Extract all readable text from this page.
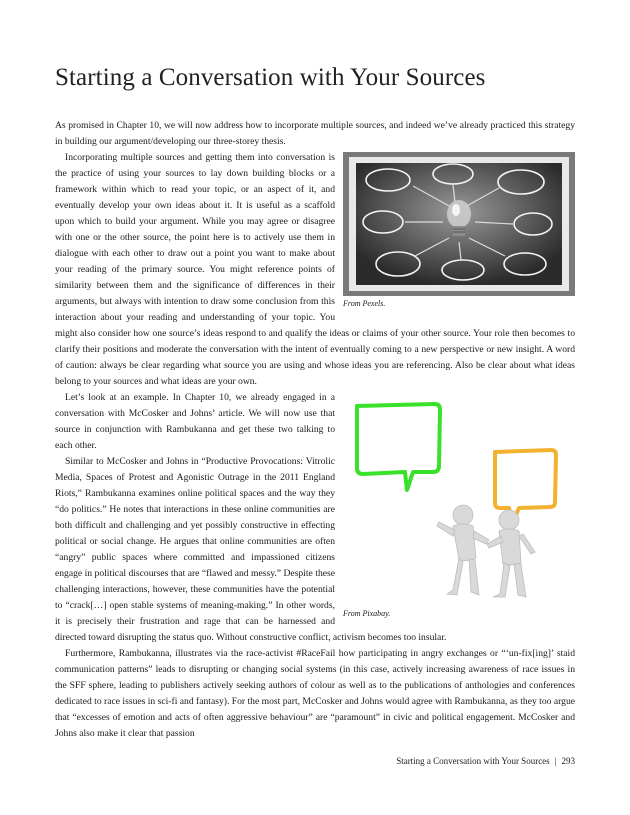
Starting a Conversation with Your Sources

As promised in Chapter 10, we will now address how to incorporate multiple sources, and indeed we’ve already practiced this strategy in building our argument/developing our three-storey thesis.

From Pexels.

Incorporating multiple sources and getting them into conversation is the practice of using your sources to lay down building blocks or a framework within which to read your topic, or an aspect of it, and eventually develop your own ideas about it. It is useful as a scaffold upon which to build your argument. While you may agree or disagree with one or the other source, the point here is to actively use them in dialogue with each other to draw out a point you want to make about your reading of the primary source. You might reference points of similarity between them and the significance of differences in their arguments, but always with intention to draw some conclusion from this interaction about your reading and understanding of your topic. You might also consider how one source’s ideas respond to and qualify the ideas or claims of your other source. Your role then becomes to clarify their positions and moderate the conversation with the intent of eventually coming to a new perspective or new insight. A word of caution: always be clear regarding what source you are using and whose ideas you are referencing. Also be clear about what ideas belong to your sources and what ideas are your own.

From Pixabay.

Let’s look at an example. In Chapter 10, we already engaged in a conversation with McCosker and Johns’ article. We will now use that source in conjunction with Rambukanna and get these two talking to each other.

Similar to McCosker and Johns in “Productive Provocations: Vitrolic Media, Spaces of Protest and Agonistic Outrage in the 2011 England Riots,” Rambukanna examines online political spaces and the way they “do politics.” He notes that interactions in these online communities are both difficult and challenging and yet possibly constructive in effecting political or social change. He argues that online communities are often “angry” public spaces where committed and impassioned citizens engage in political discourses that are “flawed and messy.” Despite these challenging interactions, however, these communities have the potential to “crack[…] open stable systems of meaning-making.” In other words, it is precisely their frustration and rage that can be harnessed and directed toward disrupting the status quo. Without constructive conflict, activism becomes too insular.

Furthermore, Rambukanna, illustrates via the race-activist #RaceFail how participating in angry exchanges or “‘un-fix[ing]’ staid communication patterns” leads to disrupting or changing social systems (in this case, actively increasing awareness of race issues in the SFF sphere, leading to publishers actively seeking authors of colour as well as to the publications of anthologies and conferences dedicated to race issues in sci-fi and fantasy). For the most part, McCosker and Johns would agree with Rambukanna, as they too argue that “excesses of emotion and acts of often aggressive behaviour” are “paramount” in civic and political engagement. McCosker and Johns also make it clear that passion

Starting a Conversation with Your Sources | 293
